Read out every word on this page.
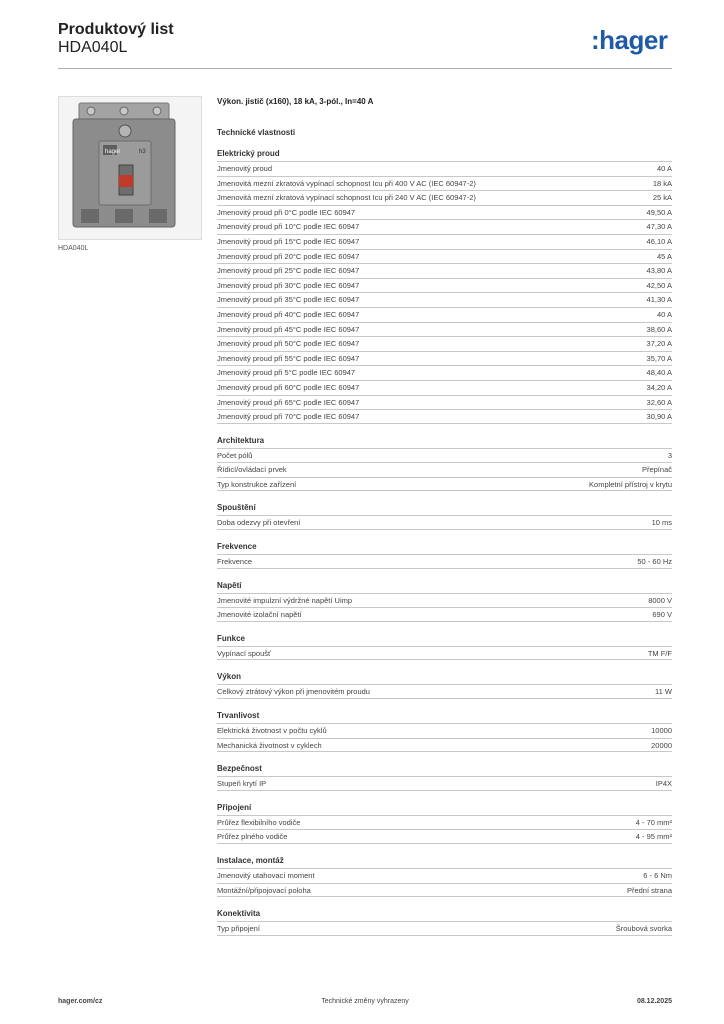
Produktový list
HDA040L	:hager
hager	h3
HDA040L
Výkon. jistič (x160), 18 kA, 3-pól., In=40 A
Technické vlastnosti
Elektrický proud
Jmenovitý proud	40 A
Jmenovitá mezní zkratová vypínací schopnost Icu při 400 V AC (IEC 60947-2)	18 kA
Jmenovitá mezní zkratová vypínací schopnost Icu při 240 V AC (IEC 60947-2)	25 kA
Jmenovitý proud při 0°C podle IEC 60947	49,50 A
Jmenovitý proud při 10°C podle IEC 60947	47,30 A
Jmenovitý proud při 15°C podle IEC 60947	46,10 A
Jmenovitý proud při 20°C podle IEC 60947	45 A
Jmenovitý proud při 25°C podle IEC 60947	43,80 A
Jmenovitý proud při 30°C podle IEC 60947	42,50 A
Jmenovitý proud při 35°C podle IEC 60947	41,30 A
Jmenovitý proud při 40°C podle IEC 60947	40 A
Jmenovitý proud při 45°C podle IEC 60947	38,60 A
Jmenovitý proud při 50°C podle IEC 60947	37,20 A
Jmenovitý proud při 55°C podle IEC 60947	35,70 A
Jmenovitý proud při 5°C podle IEC 60947	48,40 A
Jmenovitý proud při 60°C podle IEC 60947	34,20 A
Jmenovitý proud při 65°C podle IEC 60947	32,60 A
Jmenovitý proud při 70°C podle IEC 60947	30,90 A
Architektura
Počet pólů	3
Řídicí/ovládací prvek	Přepínač
Typ konstrukce zařízení	Kompletní přístroj v krytu
Spouštění
Doba odezvy při otevření	10 ms
Frekvence
Frekvence	50 - 60 Hz
Napětí
Jmenovité impulzní výdržné napětí Uimp	8000 V
Jmenovité izolační napětí	690 V
Funkce
Vypínací spoušť	TM F/F
Výkon
Celkový ztrátový výkon při jmenovitém proudu	11 W
Trvanlivost
Elektrická životnost v počtu cyklů	10000
Mechanická životnost v cyklech	20000
Bezpečnost
Stupeň krytí IP	IP4X
Připojení
Průřez flexibilního vodiče	4 - 70 mm²
Průřez plného vodiče	4 - 95 mm²
Instalace, montáž
Jmenovitý utahovací moment	6 - 6 Nm
Montážní/připojovací poloha	Přední strana
Konektivita
Typ připojení	Šroubová svorka
hager.com/cz	Technické změny vyhrazeny	08.12.2025
